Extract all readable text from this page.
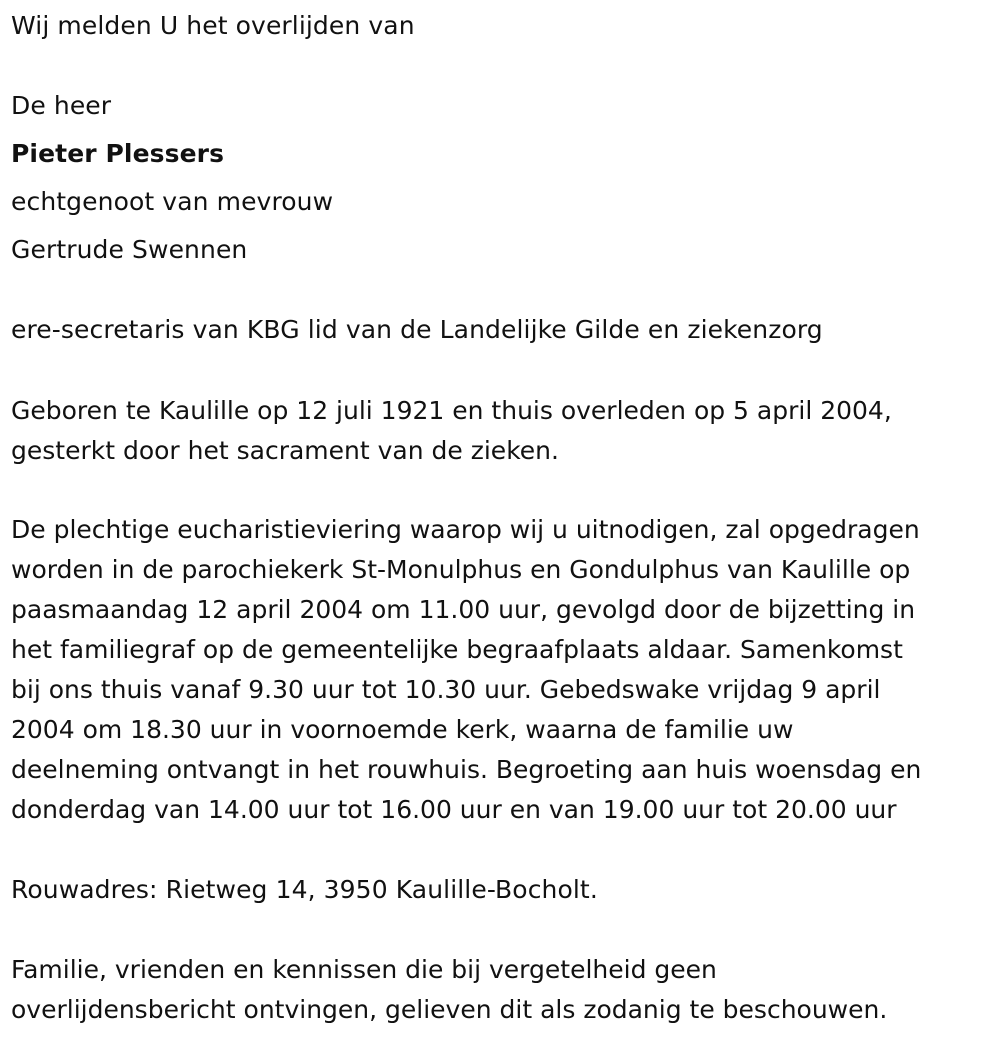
Wij melden U het overlijden van
De heer
Pieter Plessers
echtgenoot van mevrouw
Gertrude Swennen
ere-secretaris van KBG lid van de Landelijke Gilde en ziekenzorg
Geboren te Kaulille op 12 juli 1921 en thuis overleden op 5 april 2004,
gesterkt door het sacrament van de zieken.
De plechtige eucharistieviering waarop wij u uitnodigen, zal opgedragen
worden in de parochiekerk St-Monulphus en Gondulphus van Kaulille op
paasmaandag 12 april 2004 om 11.00 uur, gevolgd door de bijzetting in
het familiegraf op de gemeentelijke begraafplaats aldaar. Samenkomst
bij ons thuis vanaf 9.30 uur tot 10.30 uur. Gebedswake vrijdag 9 april
2004 om 18.30 uur in voornoemde kerk, waarna de familie uw
deelneming ontvangt in het rouwhuis. Begroeting aan huis woensdag en
donderdag van 14.00 uur tot 16.00 uur en van 19.00 uur tot 20.00 uur
Rouwadres: Rietweg 14, 3950 Kaulille-Bocholt.
Familie, vrienden en kennissen die bij vergetelheid geen
overlijdensbericht ontvingen, gelieven dit als zodanig te beschouwen.
